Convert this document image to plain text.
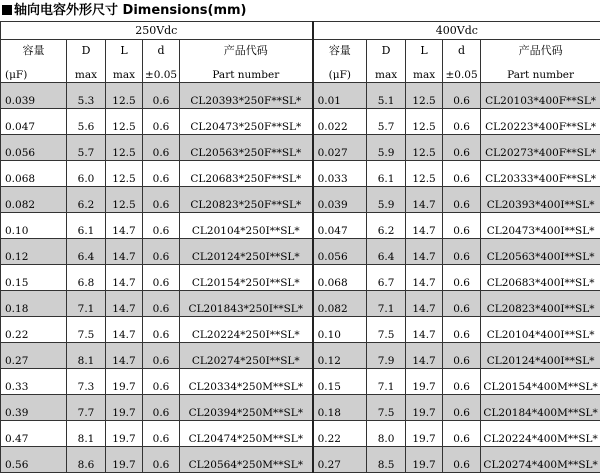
轴向电容外形尺寸 Dimensions(mm)
250Vdc					400Vdc				
容量	D	L	d	产品代码	容量	D	L	d	产品代码
(μF)	max	max	±0.05	Part number	(μF)	max	max	±0.05	Part number
0.039	5.3	12.5	0.6	CL20393*250F**SL*	0.01	5.1	12.5	0.6	CL20103*400F**SL*
0.047	5.6	12.5	0.6	CL20473*250F**SL*	0.022	5.7	12.5	0.6	CL20223*400F**SL*
0.056	5.7	12.5	0.6	CL20563*250F**SL*	0.027	5.9	12.5	0.6	CL20273*400F**SL*
0.068	6.0	12.5	0.6	CL20683*250F**SL*	0.033	6.1	12.5	0.6	CL20333*400F**SL*
0.082	6.2	12.5	0.6	CL20823*250F**SL*	0.039	5.9	14.7	0.6	CL20393*400I**SL*
0.10	6.1	14.7	0.6	CL20104*250I**SL*	0.047	6.2	14.7	0.6	CL20473*400I**SL*
0.12	6.4	14.7	0.6	CL20124*250I**SL*	0.056	6.4	14.7	0.6	CL20563*400I**SL*
0.15	6.8	14.7	0.6	CL20154*250I**SL*	0.068	6.7	14.7	0.6	CL20683*400I**SL*
0.18	7.1	14.7	0.6	CL201843*250I**SL*	0.082	7.1	14.7	0.6	CL20823*400I**SL*
0.22	7.5	14.7	0.6	CL20224*250I**SL*	0.10	7.5	14.7	0.6	CL20104*400I**SL*
0.27	8.1	14.7	0.6	CL20274*250I**SL*	0.12	7.9	14.7	0.6	CL20124*400I**SL*
0.33	7.3	19.7	0.6	CL20334*250M**SL*	0.15	7.1	19.7	0.6	CL20154*400M**SL*
0.39	7.7	19.7	0.6	CL20394*250M**SL*	0.18	7.5	19.7	0.6	CL20184*400M**SL*
0.47	8.1	19.7	0.6	CL20474*250M**SL*	0.22	8.0	19.7	0.6	CL20224*400M**SL*
0.56	8.6	19.7	0.6	CL20564*250M**SL*	0.27	8.5	19.7	0.6	CL20274*400M**SL*
